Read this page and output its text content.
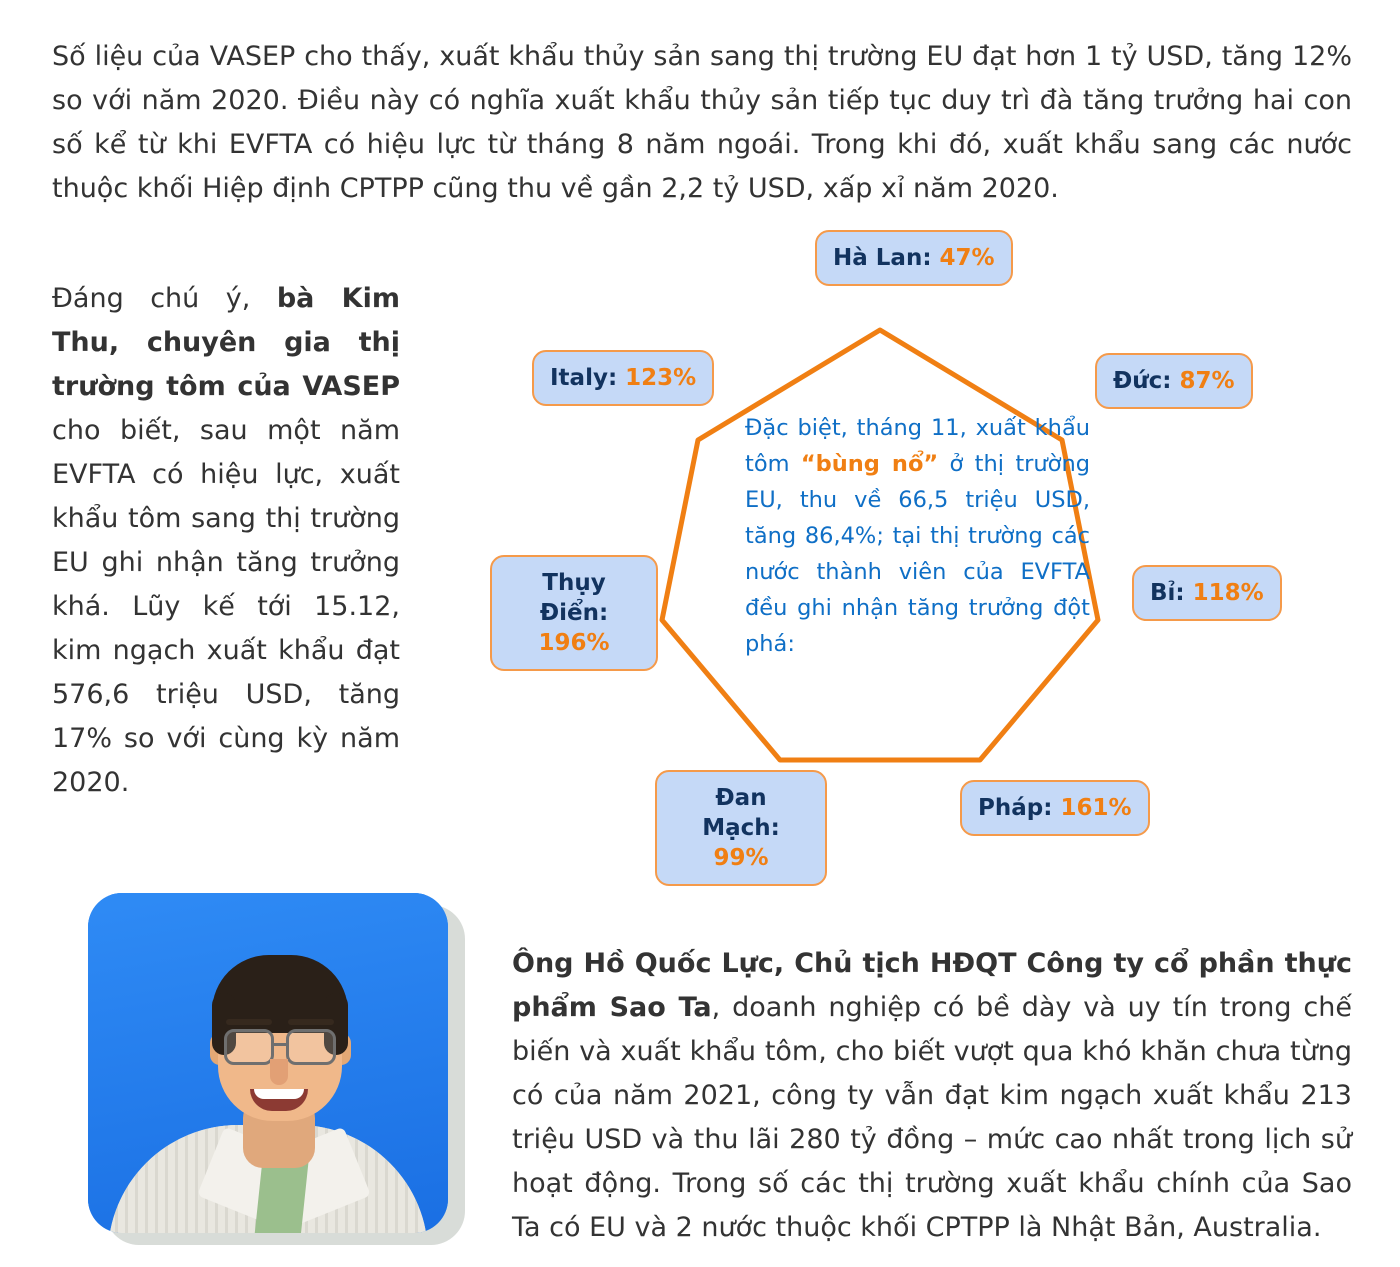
Số liệu của VASEP cho thấy, xuất khẩu thủy sản sang thị trường EU đạt hơn 1 tỷ USD, tăng 12% so với năm 2020. Điều này có nghĩa xuất khẩu thủy sản tiếp tục duy trì đà tăng trưởng hai con số kể từ khi EVFTA có hiệu lực từ tháng 8 năm ngoái. Trong khi đó, xuất khẩu sang các nước thuộc khối Hiệp định CPTPP cũng thu về gần 2,2 tỷ USD, xấp xỉ năm 2020.

Đáng chú ý, bà Kim Thu, chuyên gia thị trường tôm của VASEP cho biết, sau một năm EVFTA có hiệu lực, xuất khẩu tôm sang thị trường EU ghi nhận tăng trưởng khá. Lũy kế tới 15.12, kim ngạch xuất khẩu đạt 576,6 triệu USD, tăng 17% so với cùng kỳ năm 2020.

Đặc biệt, tháng 11, xuất khẩu tôm “bùng nổ” ở thị trường EU, thu về 66,5 triệu USD, tăng 86,4%; tại thị trường các nước thành viên của EVFTA đều ghi nhận tăng trưởng đột phá:
Hà Lan: 47%
Italy: 123%	Đức: 87%
Thụy Điển:
196%
Bỉ: 118%
Đan Mạch:
99%
Pháp: 161%

Ông Hồ Quốc Lực, Chủ tịch HĐQT Công ty cổ phần thực phẩm Sao Ta, doanh nghiệp có bề dày và uy tín trong chế biến và xuất khẩu tôm, cho biết vượt qua khó khăn chưa từng có của năm 2021, công ty vẫn đạt kim ngạch xuất khẩu 213 triệu USD và thu lãi 280 tỷ đồng – mức cao nhất trong lịch sử hoạt động. Trong số các thị trường xuất khẩu chính của Sao Ta có EU và 2 nước thuộc khối CPTPP là Nhật Bản, Australia.
